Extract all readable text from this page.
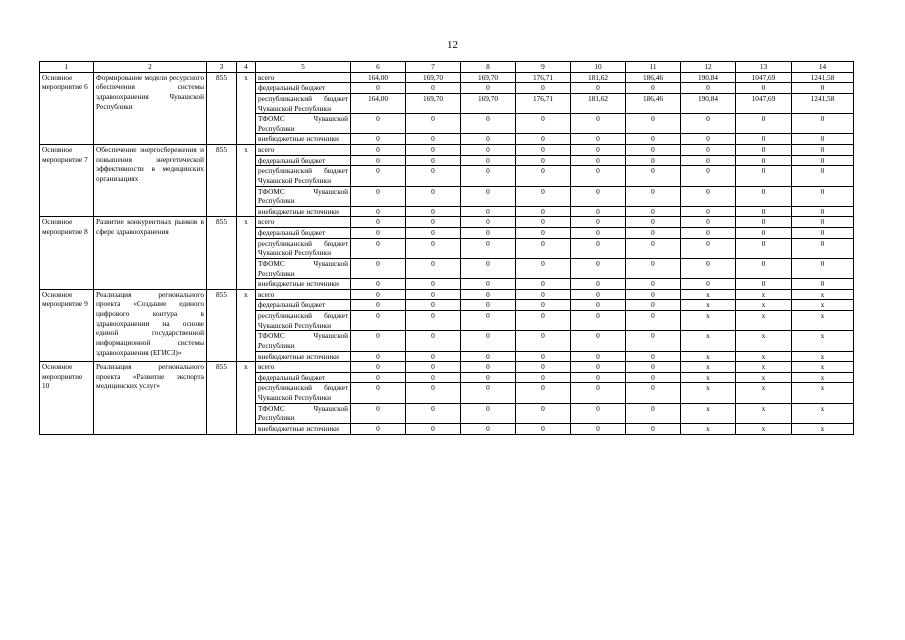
12
1	2	3	4	5	6	7	8	9	10	11	12	13	14
Основное мероприятие 6	Формирование модели ресурсного обеспечения системы здравоохранения Чувашской Республики	855	x	всего	164,00	169,70	169,70	176,71	181,62	186,46	190,84	1047,69	1241,58
				федеральный бюджет	0	0	0	0	0	0	0	0	0
				республиканский бюджет Чувашской Республики	164,00	169,70	169,70	176,71	181,62	186,46	190,84	1047,69	1241,58
				ТФОМС Чувашской Республики	0	0	0	0	0	0	0	0	0
				внебюджетные источники	0	0	0	0	0	0	0	0	0
Основное мероприятие 7	Обеспечение энергосбережения и повышения энергетической эффективности в медицинских организациях	855	x	всего	0	0	0	0	0	0	0	0	0
				федеральный бюджет	0	0	0	0	0	0	0	0	0
				республиканский бюджет Чувашской Республики	0	0	0	0	0	0	0	0	0
				ТФОМС Чувашской Республики	0	0	0	0	0	0	0	0	0
				внебюджетные источники	0	0	0	0	0	0	0	0	0
Основное мероприятие 8	Развитие конкурентных рынков в сфере здравоохранения	855	x	всего	0	0	0	0	0	0	0	0	0
				федеральный бюджет	0	0	0	0	0	0	0	0	0
				республиканский бюджет Чувашской Республики	0	0	0	0	0	0	0	0	0
				ТФОМС Чувашской Республики	0	0	0	0	0	0	0	0	0
				внебюджетные источники	0	0	0	0	0	0	0	0	0
Основное мероприятие 9	Реализация регионального проекта «Создание единого цифрового контура в здравоохранении на основе единой государственной информационной системы здравоохранения (ЕГИСЗ)»	855	x	всего	0	0	0	0	0	0	x	x	x
				федеральный бюджет	0	0	0	0	0	0	x	x	x
				республиканский бюджет Чувашской Республики	0	0	0	0	0	0	x	x	x
				ТФОМС Чувашской Республики	0	0	0	0	0	0	x	x	x
				внебюджетные источники	0	0	0	0	0	0	x	x	x
Основное мероприятие 10	Реализация регионального проекта «Развитие экспорта медицинских услуг»	855	x	всего	0	0	0	0	0	0	x	x	x
				федеральный бюджет	0	0	0	0	0	0	x	x	x
				республиканский бюджет Чувашской Республики	0	0	0	0	0	0	x	x	x
				ТФОМС Чувашской Республики	0	0	0	0	0	0	x	x	x
				внебюджетные источники	0	0	0	0	0	0	x	x	x
